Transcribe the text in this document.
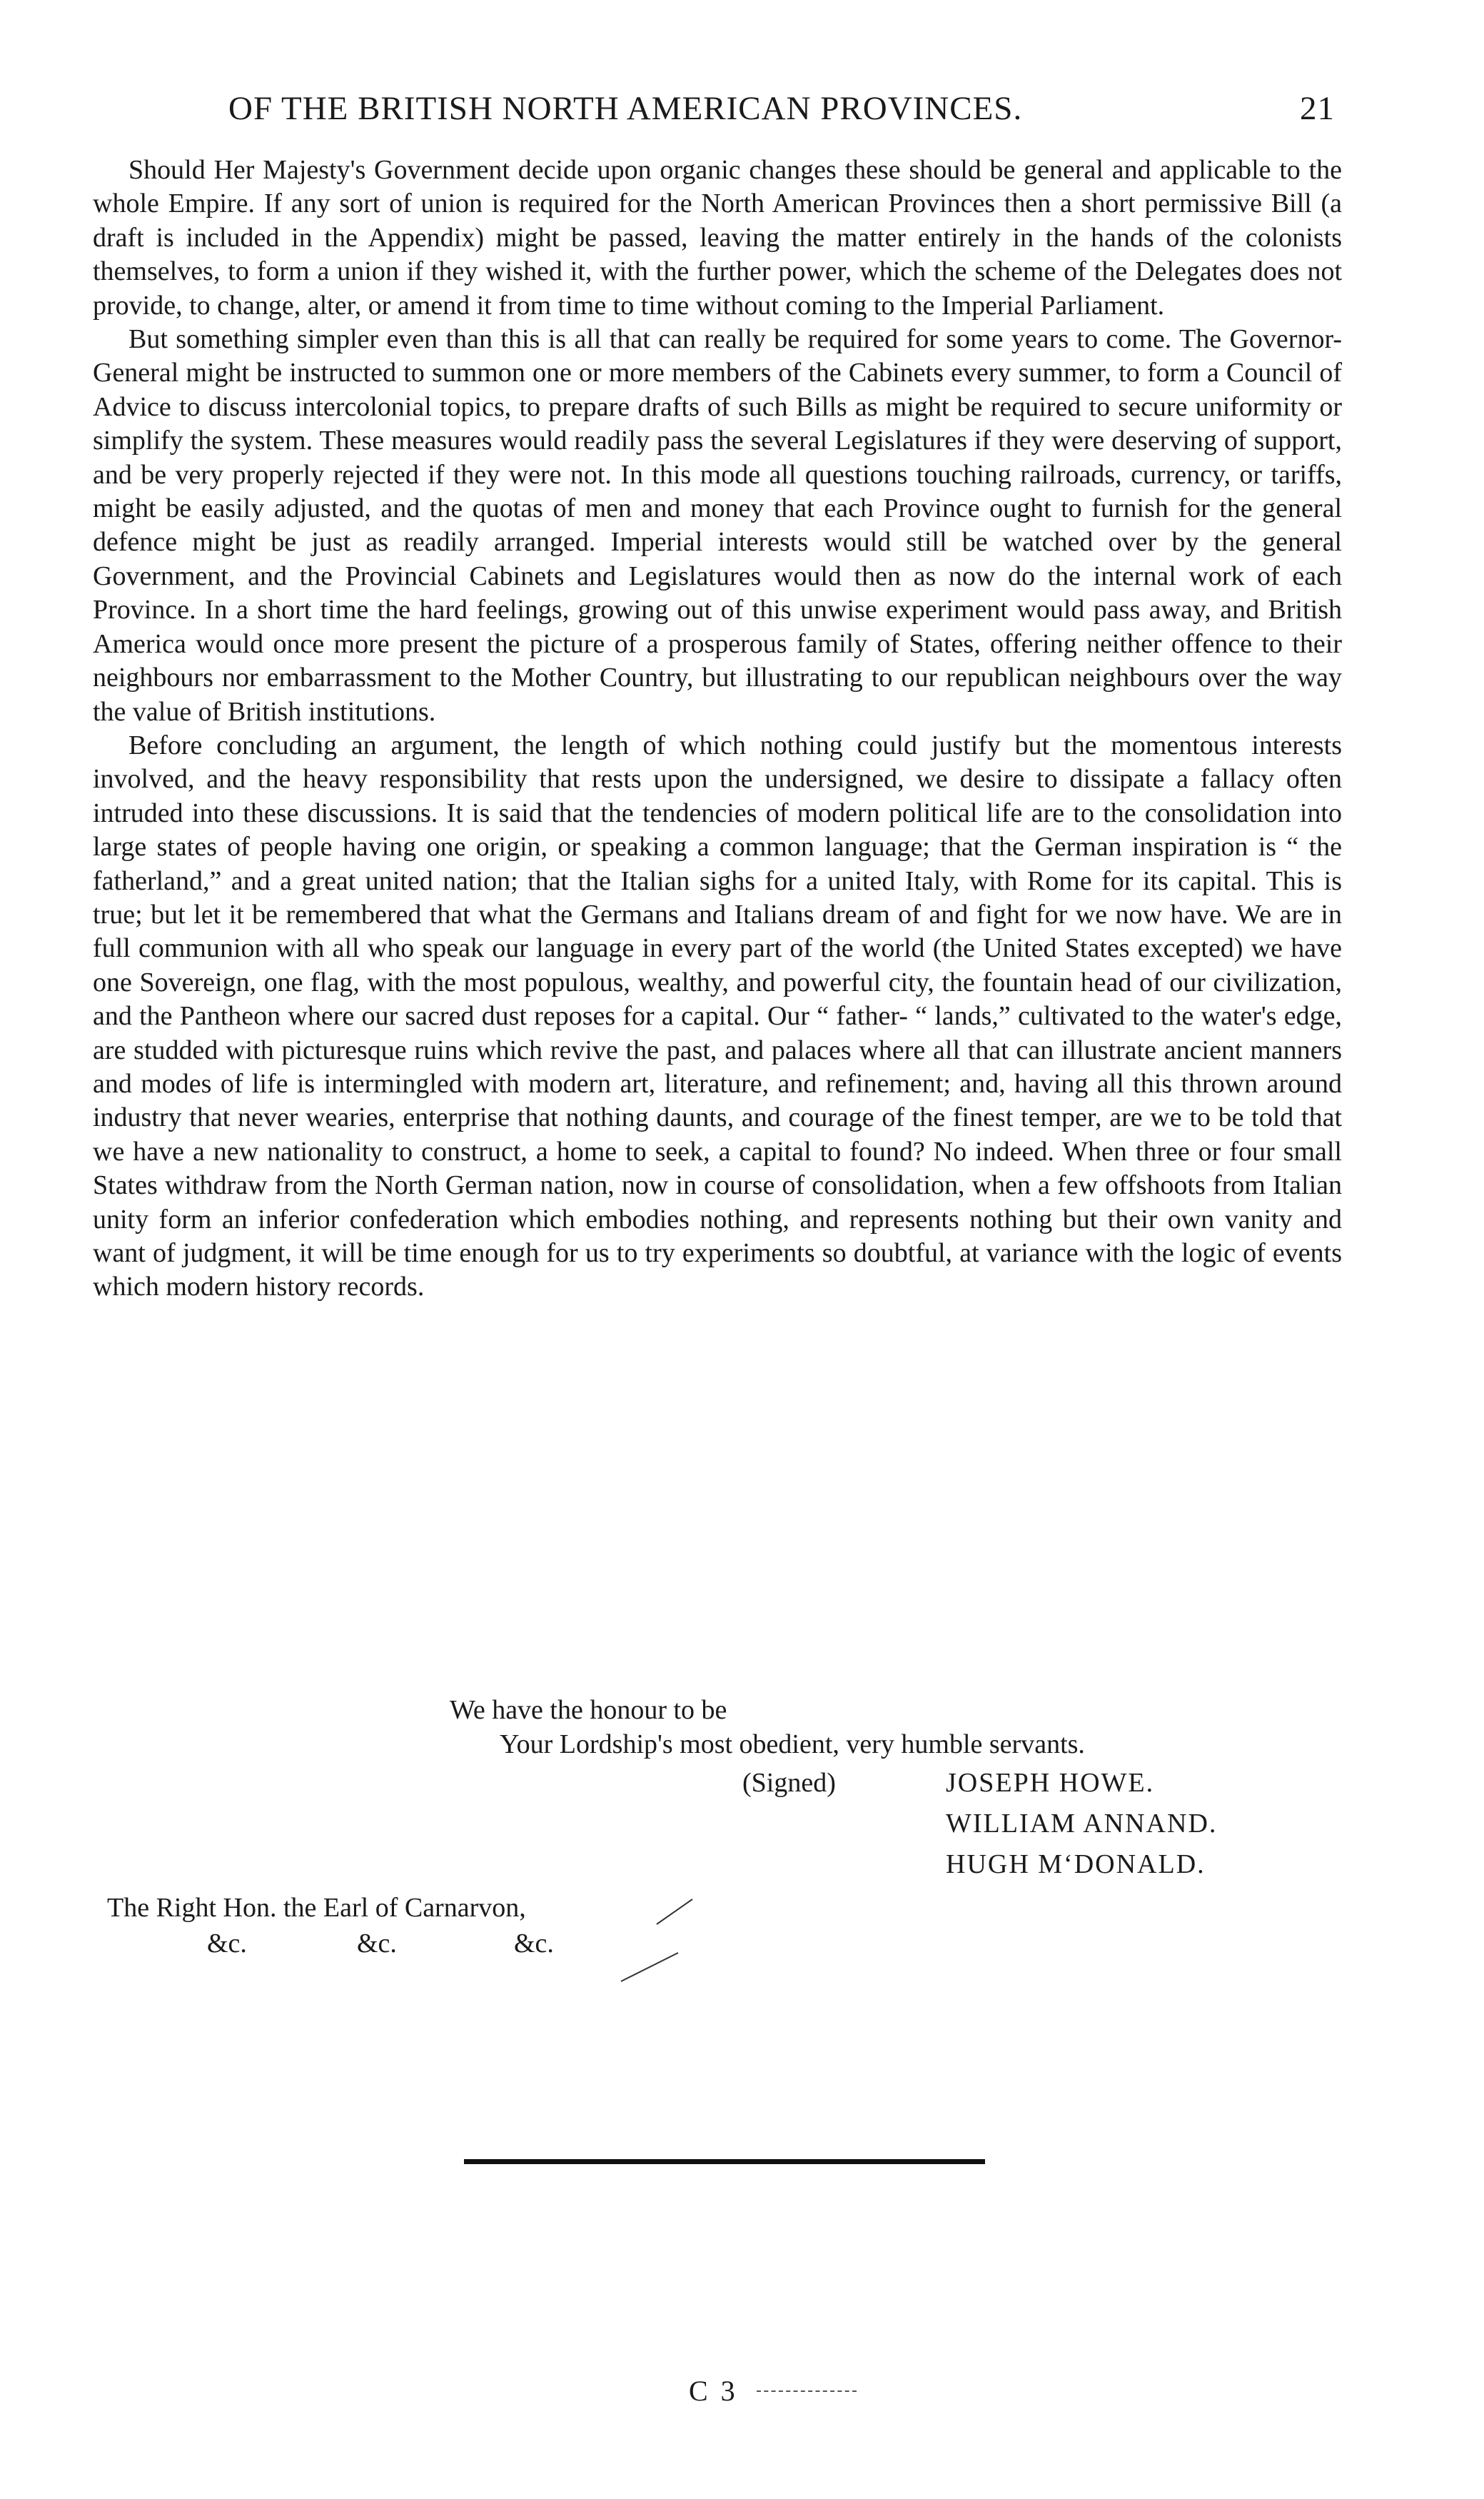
OF THE BRITISH NORTH AMERICAN PROVINCES.	21

Should Her Majesty's Government decide upon organic changes these should be general and applicable to the whole Empire. If any sort of union is required for the North American Provinces then a short permissive Bill (a draft is included in the Appendix) might be passed, leaving the matter entirely in the hands of the colonists themselves, to form a union if they wished it, with the further power, which the scheme of the Delegates does not provide, to change, alter, or amend it from time to time without coming to the Imperial Parliament.

But something simpler even than this is all that can really be required for some years to come. The Governor-General might be instructed to summon one or more members of the Cabinets every summer, to form a Council of Advice to discuss intercolonial topics, to prepare drafts of such Bills as might be required to secure uniformity or simplify the system. These measures would readily pass the several Legislatures if they were deserving of support, and be very properly rejected if they were not. In this mode all questions touching railroads, currency, or tariffs, might be easily adjusted, and the quotas of men and money that each Province ought to furnish for the general defence might be just as readily arranged. Imperial interests would still be watched over by the general Government, and the Provincial Cabinets and Legislatures would then as now do the internal work of each Province. In a short time the hard feelings, growing out of this unwise experiment would pass away, and British America would once more present the picture of a prosperous family of States, offering neither offence to their neighbours nor embarrassment to the Mother Country, but illustrating to our republican neighbours over the way the value of British institutions.

Before concluding an argument, the length of which nothing could justify but the momentous interests involved, and the heavy responsibility that rests upon the undersigned, we desire to dissipate a fallacy often intruded into these discussions. It is said that the tendencies of modern political life are to the consolidation into large states of people having one origin, or speaking a common language; that the German inspiration is “ the fatherland,” and a great united nation; that the Italian sighs for a united Italy, with Rome for its capital. This is true; but let it be remembered that what the Germans and Italians dream of and fight for we now have. We are in full communion with all who speak our language in every part of the world (the United States excepted) we have one Sovereign, one flag, with the most populous, wealthy, and powerful city, the fountain head of our civilization, and the Pantheon where our sacred dust reposes for a capital. Our “ father- “ lands,” cultivated to the water's edge, are studded with picturesque ruins which revive the past, and palaces where all that can illustrate ancient manners and modes of life is intermingled with modern art, literature, and refinement; and, having all this thrown around industry that never wearies, enterprise that nothing daunts, and courage of the finest temper, are we to be told that we have a new nationality to construct, a home to seek, a capital to found? No indeed. When three or four small States withdraw from the North German nation, now in course of consolidation, when a few offshoots from Italian unity form an inferior confederation which embodies nothing, and represents nothing but their own vanity and want of judgment, it will be time enough for us to try experiments so doubtful, at variance with the logic of events which modern history records.

We have the honour to be
Your Lordship's most obedient, very humble servants.
(Signed)	JOSEPH HOWE.
WILLIAM ANNAND.
HUGH M‘DONALD.
The Right Hon. the Earl of Carnarvon,
&c.	&c.	&c.
C 3
